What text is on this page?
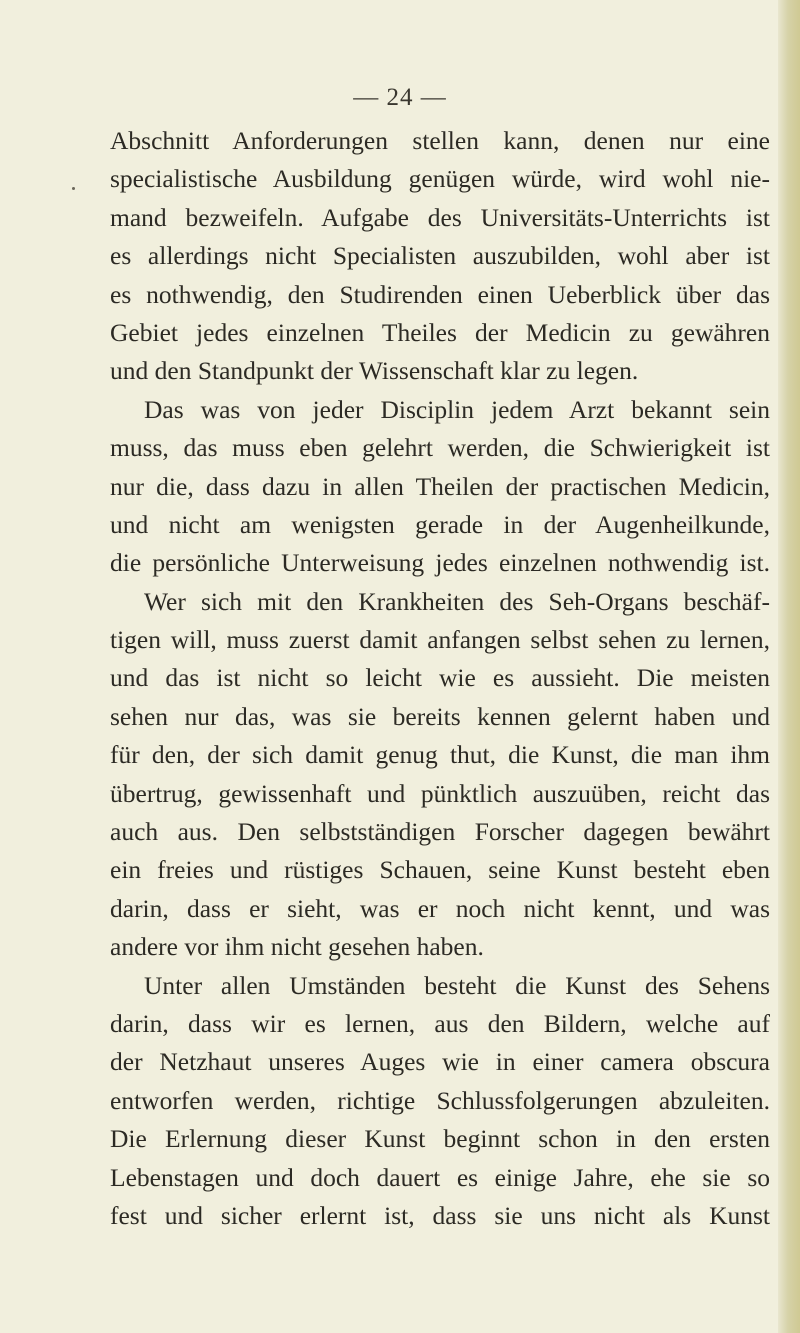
— 24 —
Abschnitt Anforderungen stellen kann, denen nur eine
specialistische Ausbildung genügen würde, wird wohl nie-
mand bezweifeln. Aufgabe des Universitäts-Unterrichts ist
es allerdings nicht Specialisten auszubilden, wohl aber ist
es nothwendig, den Studirenden einen Ueberblick über das
Gebiet jedes einzelnen Theiles der Medicin zu gewähren
und den Standpunkt der Wissenschaft klar zu legen.
Das was von jeder Disciplin jedem Arzt bekannt sein
muss, das muss eben gelehrt werden, die Schwierigkeit ist
nur die, dass dazu in allen Theilen der practischen Medicin,
und nicht am wenigsten gerade in der Augenheilkunde,
die persönliche Unterweisung jedes einzelnen nothwendig ist.
Wer sich mit den Krankheiten des Seh-Organs beschäf-
tigen will, muss zuerst damit anfangen selbst sehen zu lernen,
und das ist nicht so leicht wie es aussieht. Die meisten
sehen nur das, was sie bereits kennen gelernt haben und
für den, der sich damit genug thut, die Kunst, die man ihm
übertrug, gewissenhaft und pünktlich auszuüben, reicht das
auch aus. Den selbstständigen Forscher dagegen bewährt
ein freies und rüstiges Schauen, seine Kunst besteht eben
darin, dass er sieht, was er noch nicht kennt, und was
andere vor ihm nicht gesehen haben.
Unter allen Umständen besteht die Kunst des Sehens
darin, dass wir es lernen, aus den Bildern, welche auf
der Netzhaut unseres Auges wie in einer camera obscura
entworfen werden, richtige Schlussfolgerungen abzuleiten.
Die Erlernung dieser Kunst beginnt schon in den ersten
Lebenstagen und doch dauert es einige Jahre, ehe sie so
fest und sicher erlernt ist, dass sie uns nicht als Kunst
